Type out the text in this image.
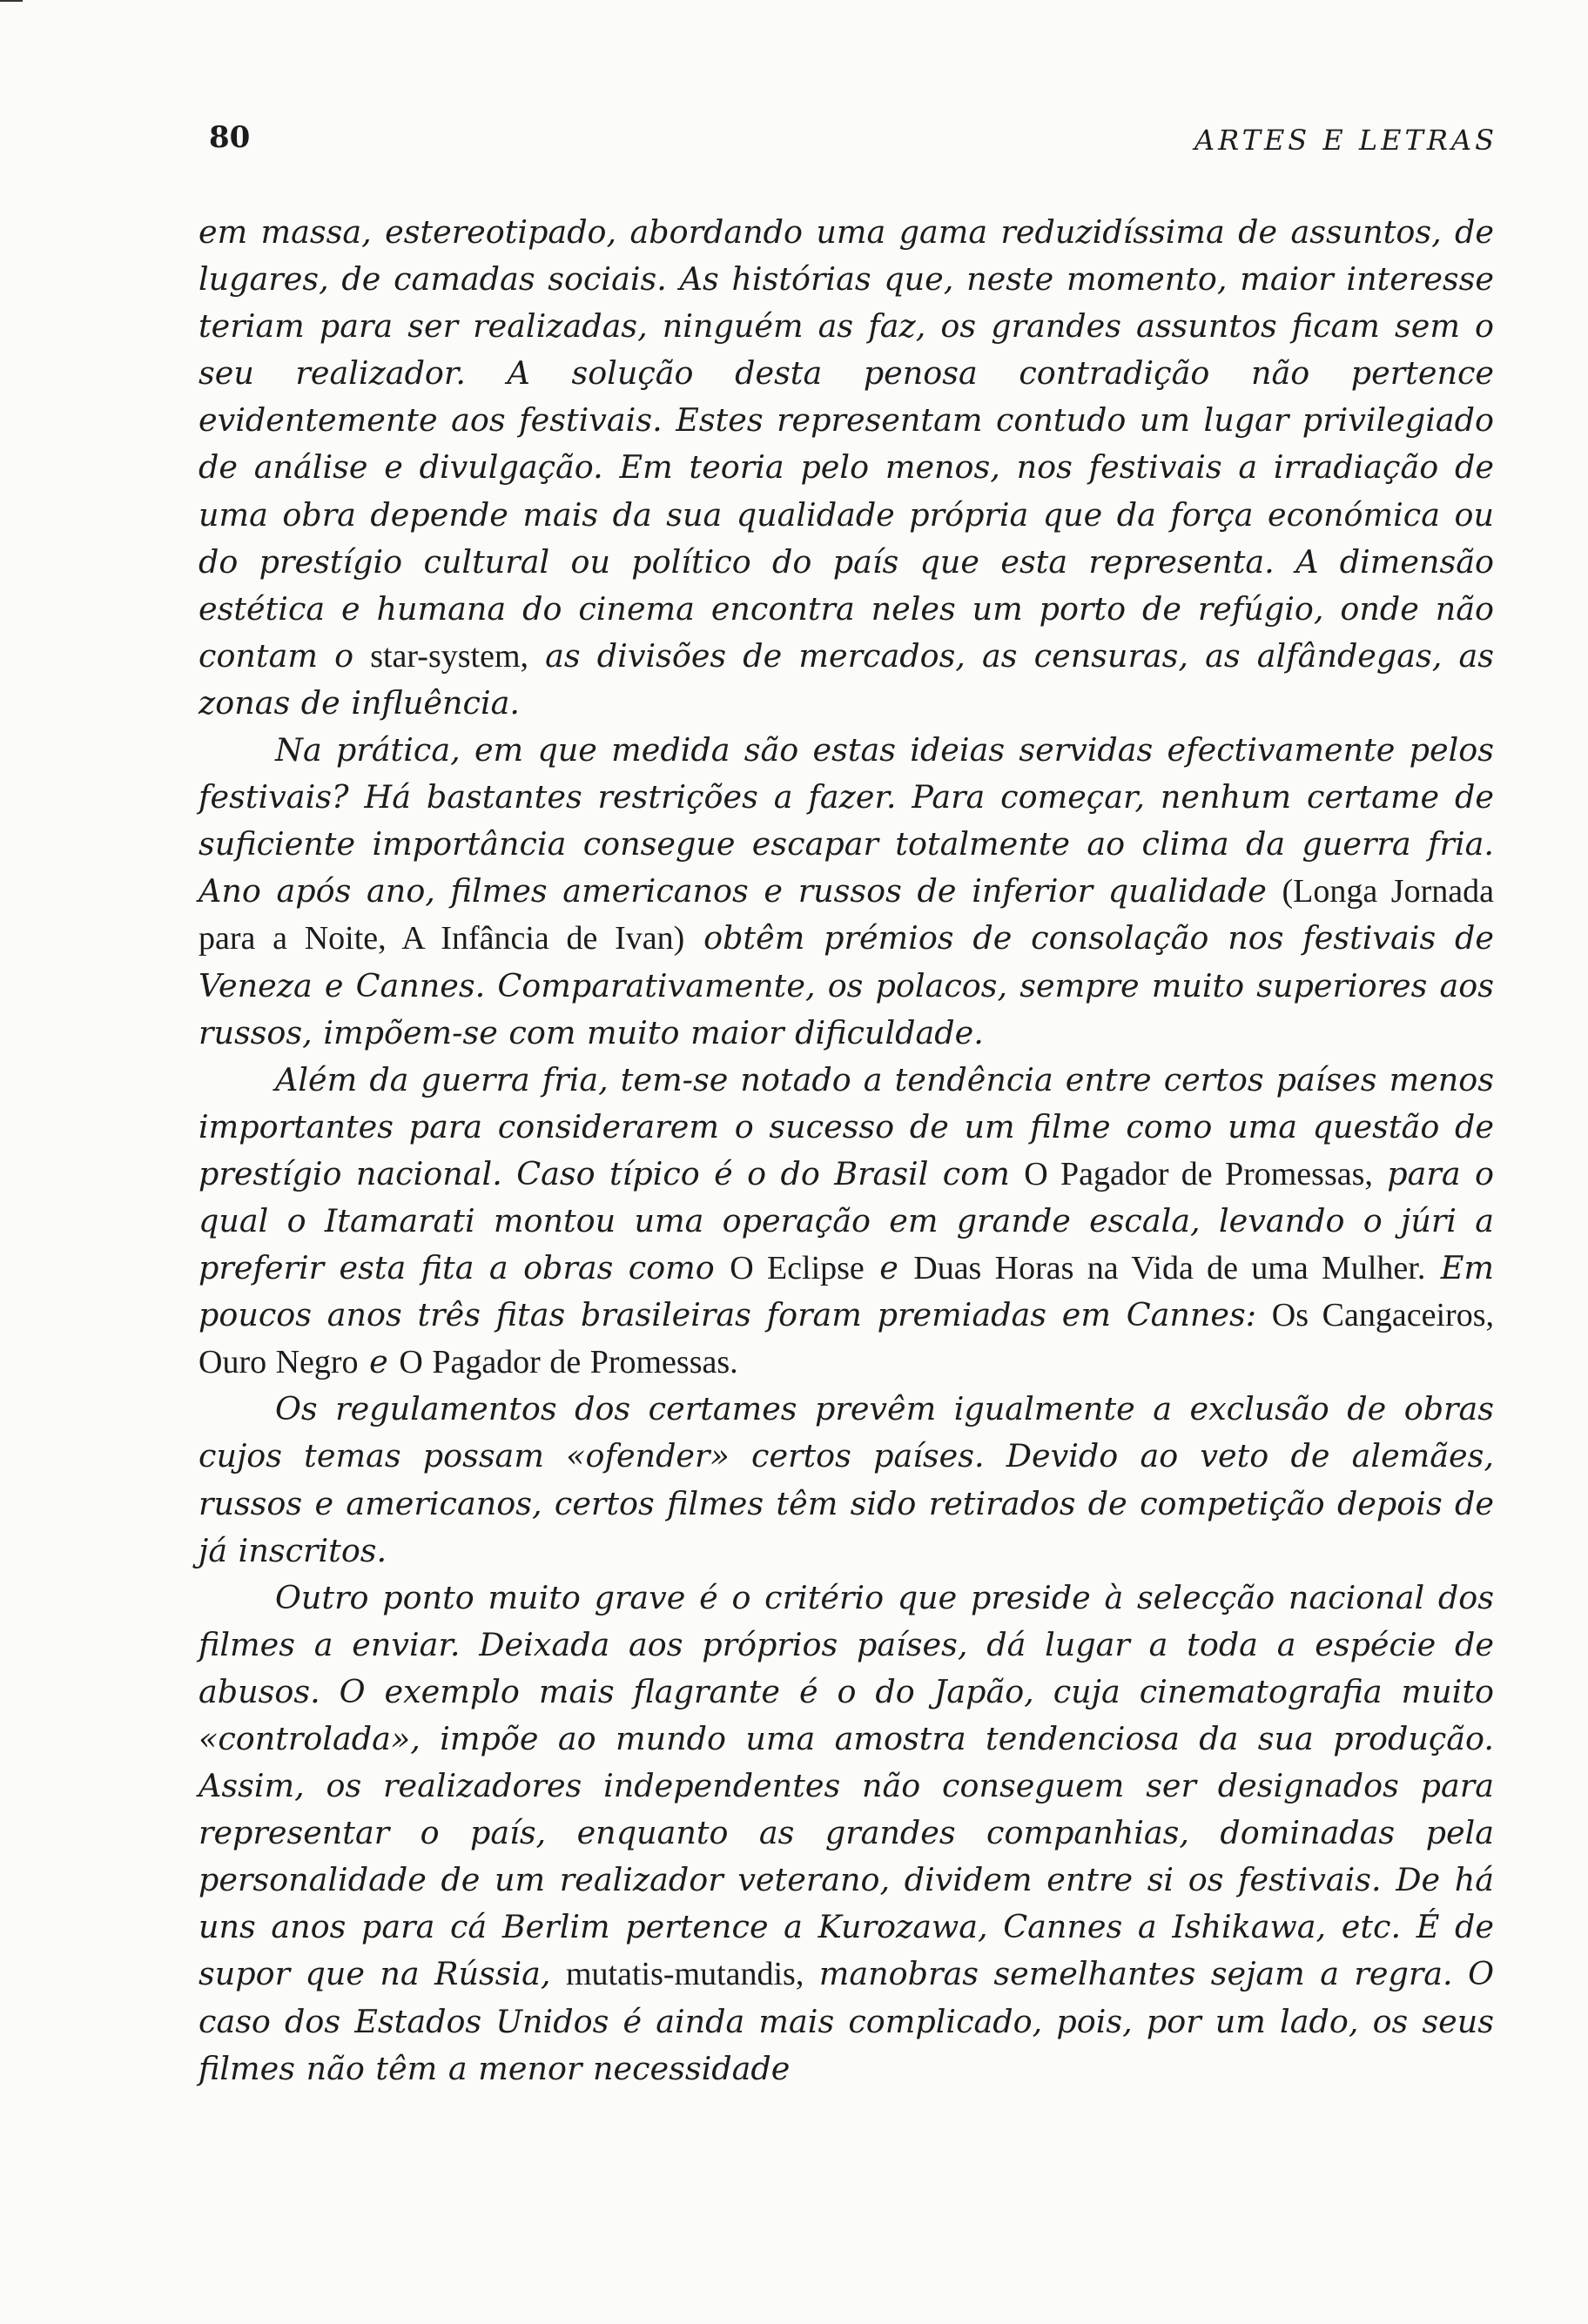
80	ARTES E LETRAS

em massa, estereotipado, abordando uma gama reduzidíssima de assuntos, de lugares, de camadas sociais. As histórias que, neste momento, maior interesse teriam para ser realizadas, ninguém as faz, os grandes assuntos ficam sem o seu realizador. A solução desta penosa contradição não pertence evidentemente aos festivais. Estes representam contudo um lugar privilegiado de análise e divulgação. Em teoria pelo menos, nos festivais a irradiação de uma obra depende mais da sua qualidade própria que da força económica ou do prestígio cultural ou político do país que esta representa. A dimensão estética e humana do cinema encontra neles um porto de refúgio, onde não contam o star-system, as divisões de mercados, as censuras, as alfândegas, as zonas de influência.

Na prática, em que medida são estas ideias servidas efectivamente pelos festivais? Há bastantes restrições a fazer. Para começar, nenhum certame de suficiente importância consegue escapar totalmente ao clima da guerra fria. Ano após ano, filmes americanos e russos de inferior qualidade (Longa Jornada para a Noite, A Infância de Ivan) obtêm prémios de consolação nos festivais de Veneza e Cannes. Comparativamente, os polacos, sempre muito superiores aos russos, impõem-se com muito maior dificuldade.

Além da guerra fria, tem-se notado a tendência entre certos países menos importantes para considerarem o sucesso de um filme como uma questão de prestígio nacional. Caso típico é o do Brasil com O Pagador de Promessas, para o qual o Itamarati montou uma operação em grande escala, levando o júri a preferir esta fita a obras como O Eclipse e Duas Horas na Vida de uma Mulher. Em poucos anos três fitas brasileiras foram premiadas em Cannes: Os Cangaceiros, Ouro Negro e O Pagador de Promessas.

Os regulamentos dos certames prevêm igualmente a exclusão de obras cujos temas possam «ofender» certos países. Devido ao veto de alemães, russos e americanos, certos filmes têm sido retirados de competição depois de já inscritos.

Outro ponto muito grave é o critério que preside à selecção nacional dos filmes a enviar. Deixada aos próprios países, dá lugar a toda a espécie de abusos. O exemplo mais flagrante é o do Japão, cuja cinematografia muito «controlada», impõe ao mundo uma amostra tendenciosa da sua produção. Assim, os realizadores independentes não conseguem ser designados para representar o país, enquanto as grandes companhias, dominadas pela personalidade de um realizador veterano, dividem entre si os festivais. De há uns anos para cá Berlim pertence a Kurozawa, Cannes a Ishikawa, etc. É de supor que na Rússia, mutatis-mutandis, manobras semelhantes sejam a regra. O caso dos Estados Unidos é ainda mais complicado, pois, por um lado, os seus filmes não têm a menor necessidade
